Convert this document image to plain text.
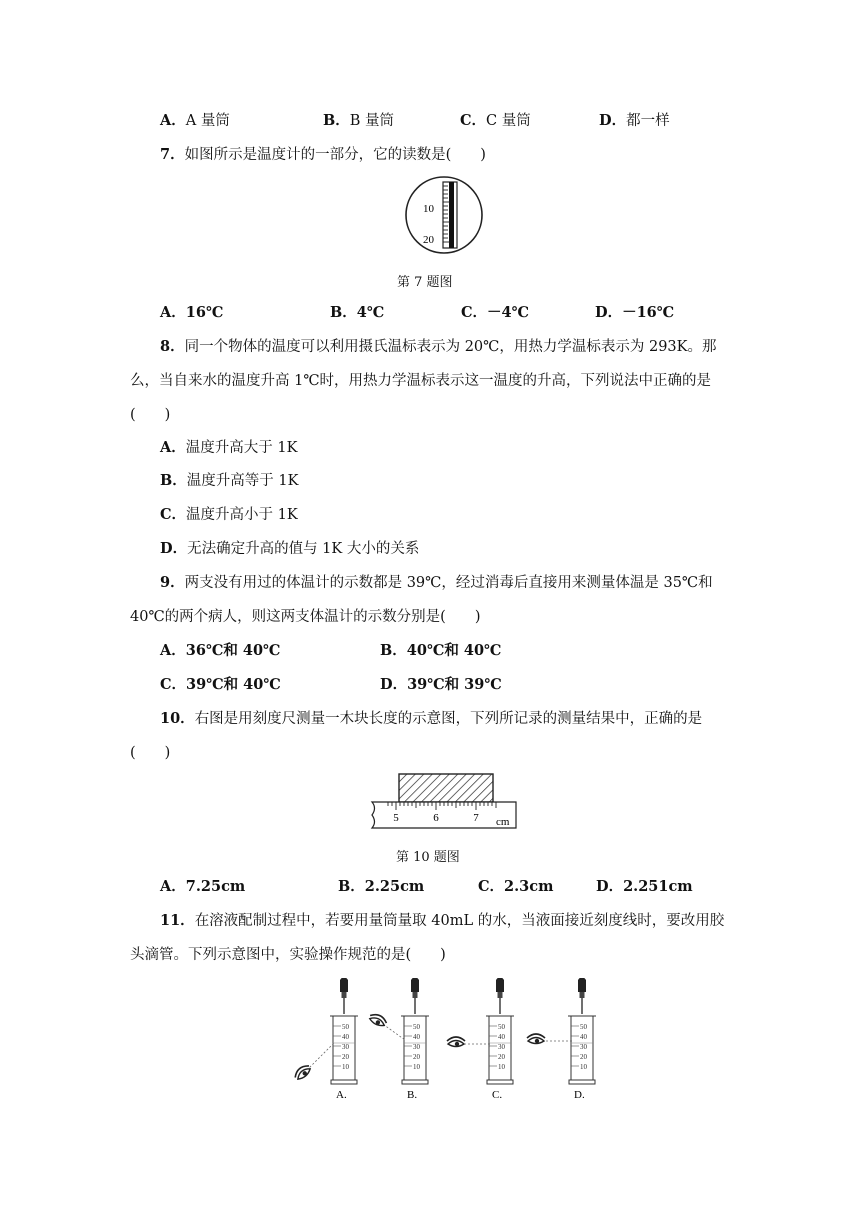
A．A 量筒	B．B 量筒	C．C 量筒	D．都一样
7．如图所示是温度计的一部分，它的读数是(　　)
10
20
第 7 题图
A．16℃	B．4℃	C．－4℃	D．－16℃
8．同一个物体的温度可以利用摄氏温标表示为 20℃，用热力学温标表示为 293K。那
么，当自来水的温度升高 1℃时，用热力学温标表示这一温度的升高，下列说法中正确的是
(　　)
A．温度升高大于 1K
B．温度升高等于 1K
C．温度升高小于 1K
D．无法确定升高的值与 1K 大小的关系
9．两支没有用过的体温计的示数都是 39℃，经过消毒后直接用来测量体温是 35℃和
40℃的两个病人，则这两支体温计的示数分别是(　　)
A．36℃和 40℃	B．40℃和 40℃
C．39℃和 40℃	D．39℃和 39℃
10．右图是用刻度尺测量一木块长度的示意图，下列所记录的测量结果中，正确的是
(　　)
5	6	7 cm
第 10 题图
A．7.25cm	B．2.25cm	C．2.3cm	D．2.251cm
11．在溶液配制过程中，若要用量筒量取 40mL 的水，当液面接近刻度线时，要改用胶
头滴管。下列示意图中，实验操作规范的是(　　)
50
40
30
20
10
A.
50
40
30
20
10
B.
50
40
30
20
10
C.
50
40
30
20
10
D.
